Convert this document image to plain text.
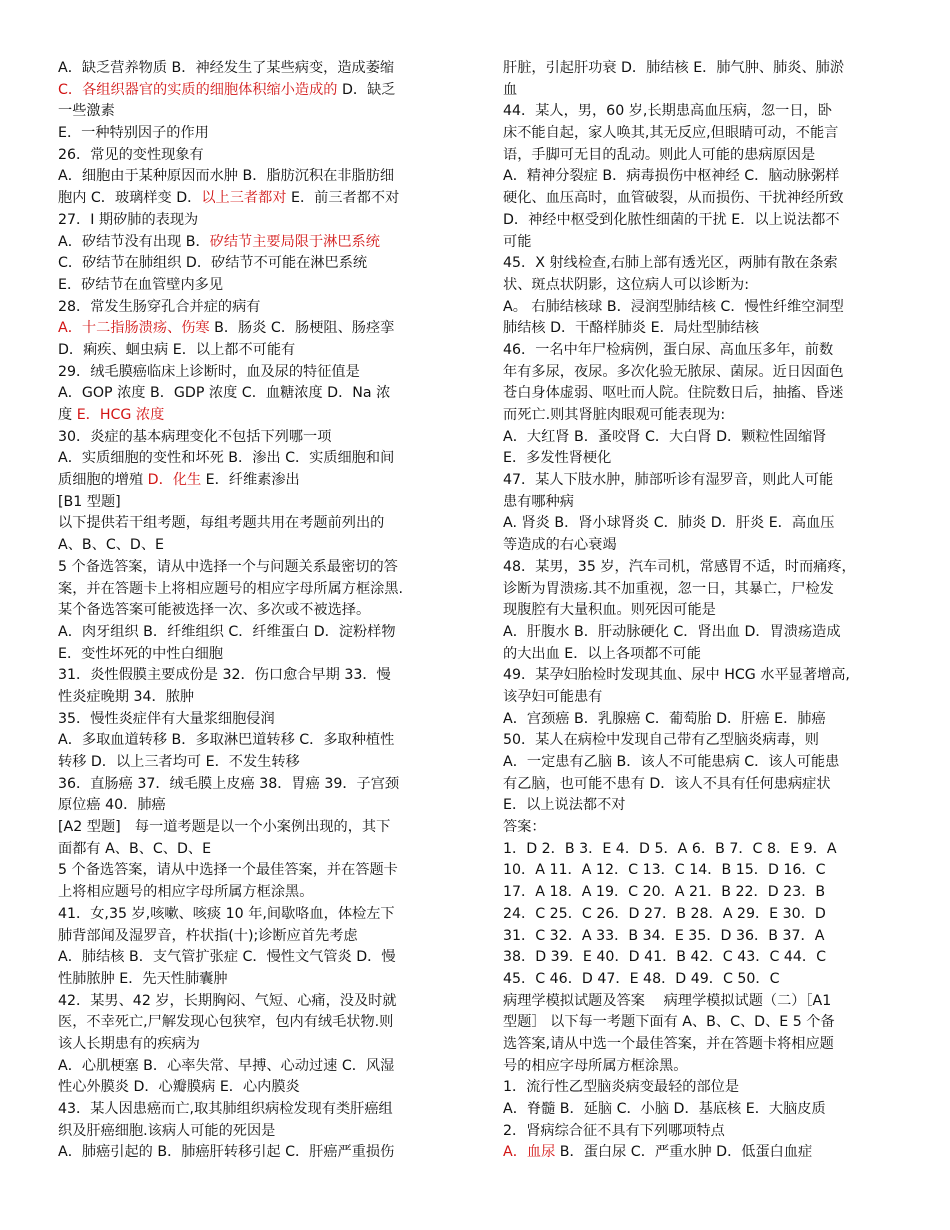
A．缺乏营养物质 B．神经发生了某些病变，造成萎缩
C．各组织器官的实质的细胞体积缩小造成的 D．缺乏
一些激素
E．一种特别因子的作用
26．常见的变性现象有
A．细胞由于某种原因而水肿 B．脂肪沉积在非脂肪细
胞内 C．玻璃样变 D．以上三者都对 E．前三者都不对
27．I 期矽肺的表现为
A．矽结节没有出现 B．矽结节主要局限于淋巴系统
C．矽结节在肺组织 D．矽结节不可能在淋巴系统
E．矽结节在血管壁内多见
28．常发生肠穿孔合并症的病有
A．十二指肠溃疡、伤寒 B．肠炎 C．肠梗阻、肠痉挛
D．痢疾、蛔虫病 E．以上都不可能有
29．绒毛膜癌临床上诊断时，血及尿的特征值是
A．GOP 浓度 B．GDP 浓度 C．血糖浓度 D．Na 浓
度 E．HCG 浓度
30．炎症的基本病理变化不包括下列哪一项
A．实质细胞的变性和坏死 B．渗出 C．实质细胞和间
质细胞的增殖 D．化生 E．纤维素渗出
[B1 型题]
以下提供若干组考题，每组考题共用在考题前列出的
A、B、C、D、E
5 个备选答案，请从中选择一个与问题关系最密切的答
案，并在答题卡上将相应题号的相应字母所属方框涂黑.
某个备选答案可能被选择一次、多次或不被选择。
A．肉牙组织 B．纤维组织 C．纤维蛋白 D．淀粉样物
E．变性坏死的中性白细胞
31．炎性假膜主要成份是 32．伤口愈合早期 33．慢
性炎症晚期 34．脓肿
35．慢性炎症伴有大量浆细胞侵润
A．多取血道转移 B．多取淋巴道转移 C．多取种植性
转移 D．以上三者均可 E．不发生转移
36．直肠癌 37．绒毛膜上皮癌 38．胃癌 39．子宫颈
原位癌 40．肺癌
[A2 型题]　每一道考题是以一个小案例出现的，其下
面都有 A、B、C、D、E
5 个备选答案，请从中选择一个最佳答案，并在答题卡
上将相应题号的相应字母所属方框涂黑。
41．女,35 岁,咳嗽、咳痰 10 年,间歇咯血，体检左下
肺背部闻及湿罗音，杵状指(十);诊断应首先考虑
A．肺结核 B．支气管扩张症 C．慢性文气管炎 D．慢
性肺脓肿 E．先天性肺囊肿
42．某男、42 岁，长期胸闷、气短、心痛，没及时就
医，不幸死亡,尸解发现心包狭窄，包内有绒毛状物.则
该人长期患有的疾病为
A．心肌梗塞 B．心率失常、早搏、心动过速 C．风湿
性心外膜炎 D．心瓣膜病 E．心内膜炎
43．某人因患癌而亡,取其肺组织病检发现有类肝癌组
织及肝癌细胞.该病人可能的死因是
A．肺癌引起的 B．肺癌肝转移引起 C．肝癌严重损伤
肝脏，引起肝功衰 D．肺结核 E．肺气肿、肺炎、肺淤
血
44．某人，男，60 岁,长期患高血压病，忽一日，卧
床不能自起，家人唤其,其无反应,但眼睛可动，不能言
语，手脚可无目的乱动。则此人可能的患病原因是
A．精神分裂症 B．病毒损伤中枢神经 C．脑动脉粥样
硬化、血压高时，血管破裂，从而损伤、干扰神经所致
D．神经中枢受到化脓性细菌的干扰 E．以上说法都不
可能
45．X 射线检查,右肺上部有透光区，两肺有散在条索
状、斑点状阴影，这位病人可以诊断为:
A。 右肺结核球 B．浸润型肺结核 C．慢性纤维空洞型
肺结核 D．干酪样肺炎 E．局灶型肺结核
46．一名中年尸检病例，蛋白尿、高血压多年，前数
年有多尿，夜尿。多次化验无脓尿、菌尿。近日因面色
苍白身体虚弱、呕吐而人院。住院数日后，抽搐、昏迷
而死亡.则其肾脏肉眼观可能表现为:
A．大红肾 B．蚤咬肾 C．大白肾 D．颗粒性固缩肾
E．多发性肾梗化
47．某人下肢水肿，肺部听诊有湿罗音，则此人可能
患有哪种病
A. 肾炎 B．肾小球肾炎 C．肺炎 D．肝炎 E．高血压
等造成的右心衰竭
48．某男，35 岁，汽车司机，常感胃不适，时而痛疼，
诊断为胃溃疡.其不加重视，忽一日，其暴亡，尸检发
现腹腔有大量积血。则死因可能是
A．肝腹水 B．肝动脉硬化 C．肾出血 D．胃溃疡造成
的大出血 E．以上各项都不可能
49．某孕妇胎检时发现其血、尿中 HCG 水平显著增高,
该孕妇可能患有
A．宫颈癌 B．乳腺癌 C．葡萄胎 D．肝癌 E．肺癌
50．某人在病检中发现自己带有乙型脑炎病毒，则
A．一定患有乙脑 B．该人不可能患病 C．该人可能患
有乙脑，也可能不患有 D．该人不具有任何患病症状
E．以上说法都不对
答案：
1．D 2．B 3．E 4．D 5．A 6．B 7．C 8．E 9．A
10．A 11．A 12．C 13．C 14．B 15．D 16．C
17．A 18．A 19．C 20．A 21．B 22．D 23．B
24．C 25．C 26．D 27．B 28．A 29．E 30．D
31．C 32．A 33．B 34．E 35．D 36．B 37．A
38．D 39．E 40．D 41．B 42．C 43．C 44．C
45．C 46．D 47．E 48．D 49．C 50．C
病理学模拟试题及答案　 病理学模拟试题（二）［A1
型题］ 以下每一考题下面有 A、B、C、D、E 5 个备
选答案,请从中选一个最佳答案，并在答题卡将相应题
号的相应字母所属方框涂黑。
1．流行性乙型脑炎病变最轻的部位是
A．脊髓 B．延脑 C．小脑 D．基底核 E．大脑皮质
2．肾病综合征不具有下列哪项特点
A．血尿 B．蛋白尿 C．严重水肿 D．低蛋白血症
